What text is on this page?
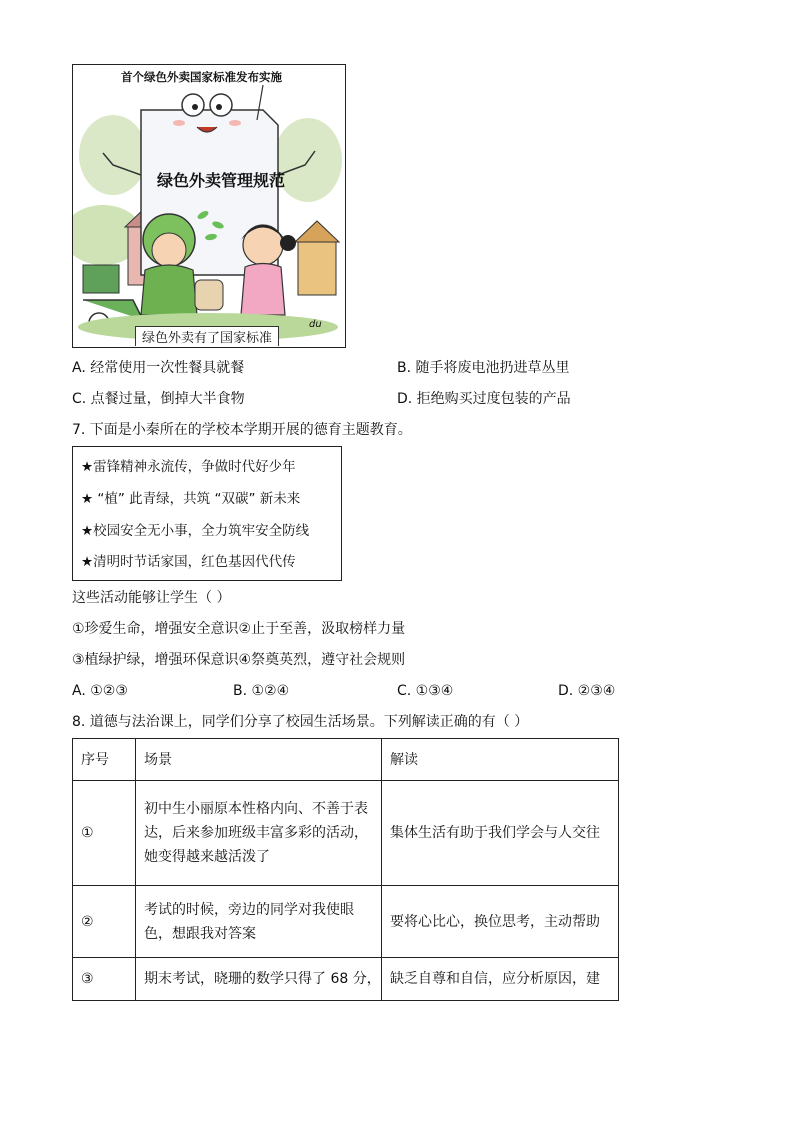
首个绿色外卖国家标准发布实施
绿色外卖管理规范
绿色外卖有了国家标准
du
A. 经常使用一次性餐具就餐	B. 随手将废电池扔进草丛里
C. 点餐过量，倒掉大半食物	D. 拒绝购买过度包装的产品
7. 下面是小秦所在的学校本学期开展的德育主题教育。
★雷锋精神永流传，争做时代好少年
★ “植” 此青绿，共筑 “双碳” 新未来
★校园安全无小事，全力筑牢安全防线
★清明时节话家国，红色基因代代传
这些活动能够让学生（ ）
①珍爱生命，增强安全意识②止于至善，汲取榜样力量
③植绿护绿，增强环保意识④祭奠英烈，遵守社会规则
A. ①②③	B. ①②④	C. ①③④	D. ②③④
8. 道德与法治课上，同学们分享了校园生活场景。下列解读正确的有（ ）
序号	场景	解读
①	初中生小丽原本性格内向、不善于表达，后来参加班级丰富多彩的活动，她变得越来越活泼了	集体生活有助于我们学会与人交往
②	考试的时候，旁边的同学对我使眼色，想跟我对答案	要将心比心，换位思考，主动帮助
③	期末考试，晓珊的数学只得了 68 分，	缺乏自尊和自信，应分析原因，建
